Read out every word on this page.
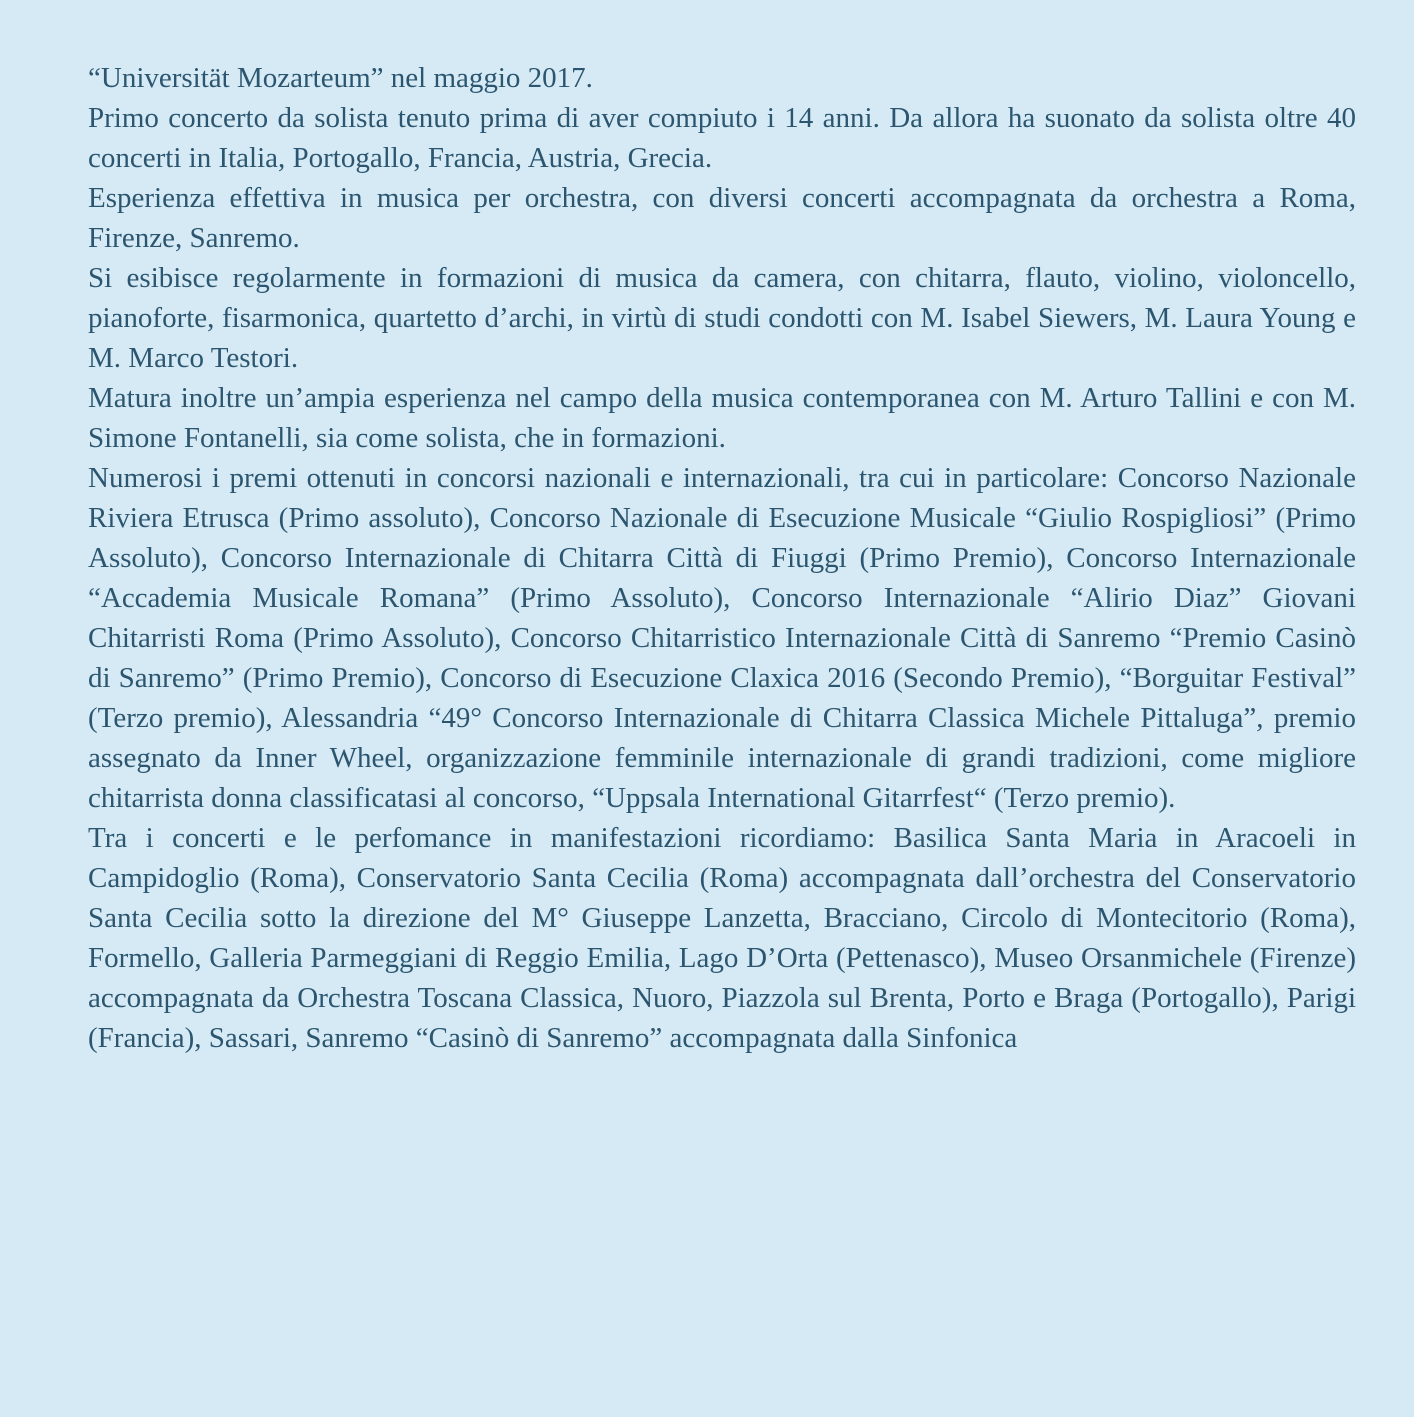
“Universität Mozarteum” nel maggio 2017.

Primo concerto da solista tenuto prima di aver compiuto i 14 anni. Da allora ha suonato da solista oltre 40 concerti in Italia, Portogallo, Francia, Austria, Grecia.

Esperienza effettiva in musica per orchestra, con diversi concerti accompagnata da orchestra a Roma, Firenze, Sanremo.

Si esibisce regolarmente in formazioni di musica da camera, con chitarra, flauto, violino, violoncello, pianoforte, fisarmonica, quartetto d’archi, in virtù di studi condotti con M. Isabel Siewers, M. Laura Young e M. Marco Testori.

Matura inoltre un’ampia esperienza nel campo della musica contemporanea con M. Arturo Tallini e con M. Simone Fontanelli, sia come solista, che in formazioni.

Numerosi i premi ottenuti in concorsi nazionali e internazionali, tra cui in particolare: Concorso Nazionale Riviera Etrusca (Primo assoluto), Concorso Nazionale di Esecuzione Musicale “Giulio Rospigliosi” (Primo Assoluto), Concorso Internazionale di Chitarra Città di Fiuggi (Primo Premio), Concorso Internazionale “Accademia Musicale Romana” (Primo Assoluto), Concorso Internazionale “Alirio Diaz” Giovani Chitarristi Roma (Primo Assoluto), Concorso Chitarristico Internazionale Città di Sanremo “Premio Casinò di Sanremo” (Primo Premio), Concorso di Esecuzione Claxica 2016 (Secondo Premio), “Borguitar Festival” (Terzo premio), Alessandria “49° Concorso Internazionale di Chitarra Classica Michele Pittaluga”, premio assegnato da Inner Wheel, organizzazione femminile internazionale di grandi tradizioni, come migliore chitarrista donna classificatasi al concorso, “Uppsala International Gitarrfest“ (Terzo premio).

Tra i concerti e le perfomance in manifestazioni ricordiamo: Basilica Santa Maria in Aracoeli in Campidoglio (Roma), Conservatorio Santa Cecilia (Roma) accompagnata dall’orchestra del Conservatorio Santa Cecilia sotto la direzione del M° Giuseppe Lanzetta, Bracciano, Circolo di Montecitorio (Roma), Formello, Galleria Parmeggiani di Reggio Emilia, Lago D’Orta (Pettenasco), Museo Orsanmichele (Firenze) accompagnata da Orchestra Toscana Classica, Nuoro, Piazzola sul Brenta, Porto e Braga (Portogallo), Parigi (Francia), Sassari, Sanremo “Casinò di Sanremo” accompagnata dalla Sinfonica
